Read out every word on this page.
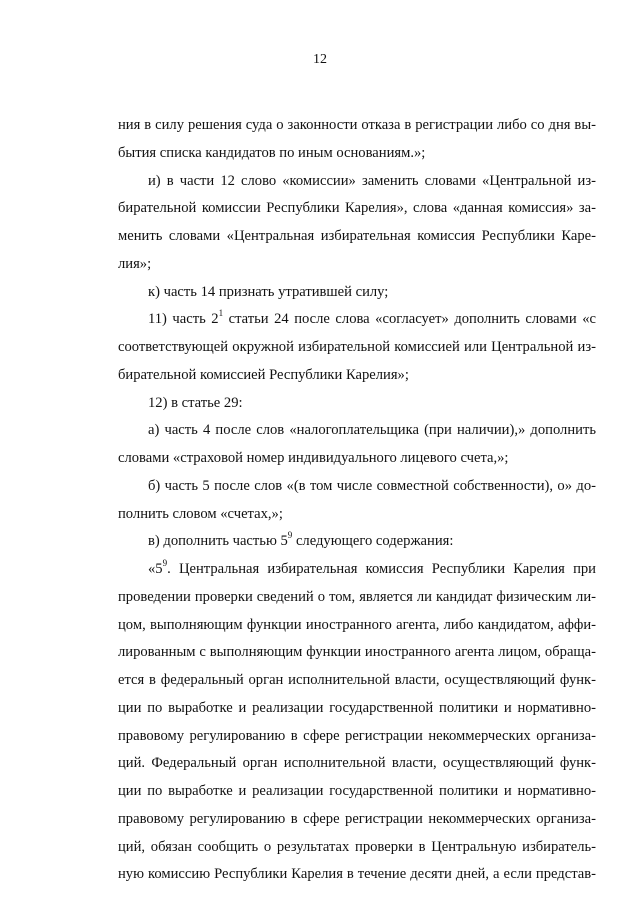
12
ния в силу решения суда о законности отказа в регистрации либо со дня вы-
бытия списка кандидатов по иным основаниям.»;
и) в части 12 слово «комиссии» заменить словами «Центральной из-
бирательной комиссии Республики Карелия», слова «данная комиссия» за-
менить словами «Центральная избирательная комиссия Республики Каре-
лия»;
к) часть 14 признать утратившей силу;
11) часть $2^1$ статьи 24 после слова «согласует» дополнить словами «с
соответствующей окружной избирательной комиссией или Центральной из-
бирательной комиссией Республики Карелия»;
12) в статье 29:
а) часть 4 после слов «налогоплательщика (при наличии),» дополнить
словами «страховой номер индивидуального лицевого счета,»;
б) часть 5 после слов «(в том числе совместной собственности), о» до-
полнить словом «счетах,»;
в) дополнить частью $5^9$ следующего содержания:
«$5^9$. Центральная избирательная комиссия Республики Карелия при
проведении проверки сведений о том, является ли кандидат физическим ли-
цом, выполняющим функции иностранного агента, либо кандидатом, аффи-
лированным с выполняющим функции иностранного агента лицом, обраща-
ется в федеральный орган исполнительной власти, осуществляющий функ-
ции по выработке и реализации государственной политики и нормативно-
правовому регулированию в сфере регистрации некоммерческих организа-
ций. Федеральный орган исполнительной власти, осуществляющий функ-
ции по выработке и реализации государственной политики и нормативно-
правовому регулированию в сфере регистрации некоммерческих организа-
ций, обязан сообщить о результатах проверки в Центральную избиратель-
ную комиссию Республики Карелия в течение десяти дней, а если представ-
